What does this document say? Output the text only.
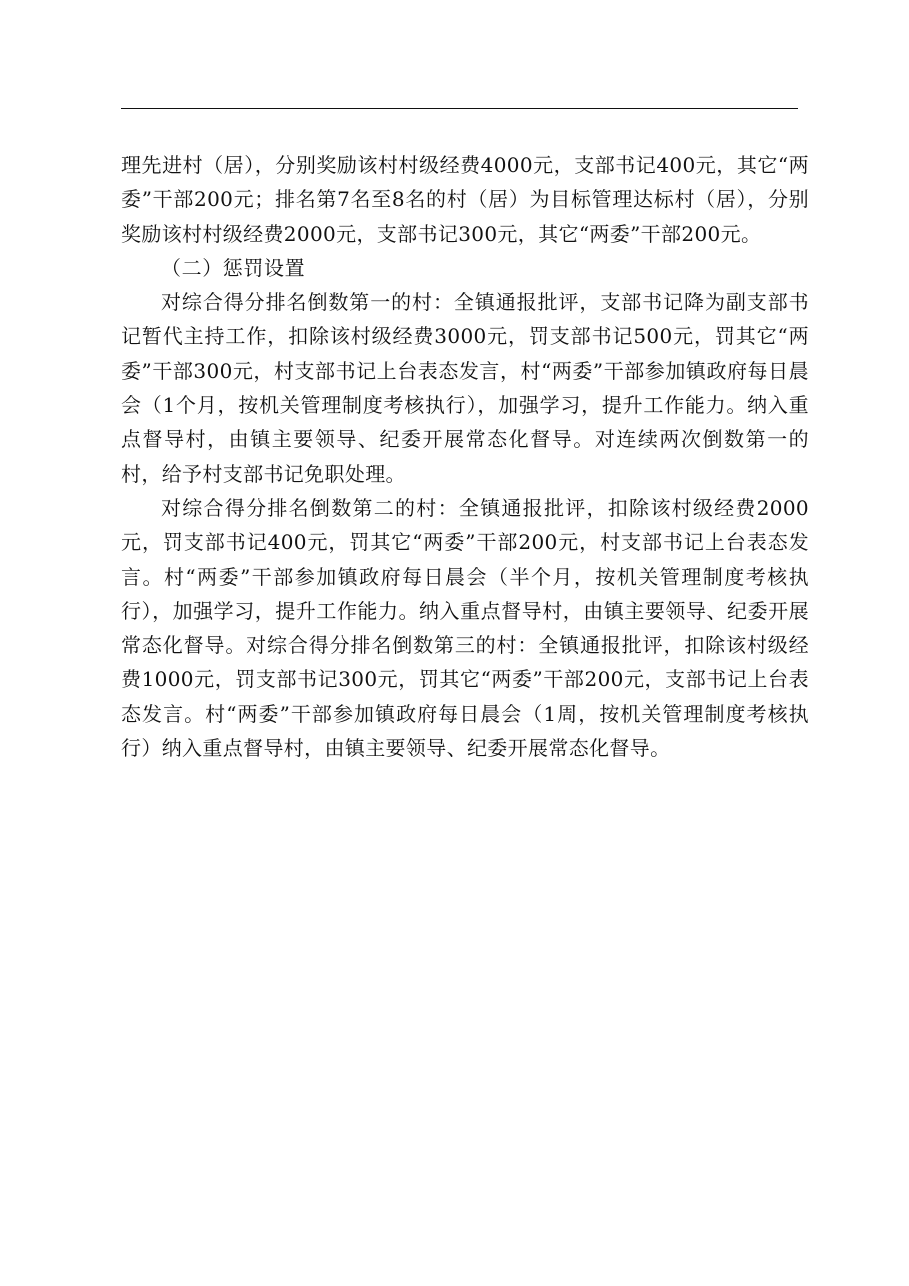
理先进村（居），分别奖励该村村级经费4000元，支部书记400元，其它“两委”干部200元；排名第7名至8名的村（居）为目标管理达标村（居），分别奖励该村村级经费2000元，支部书记300元，其它“两委”干部200元。

（二）惩罚设置

对综合得分排名倒数第一的村：全镇通报批评，支部书记降为副支部书记暂代主持工作，扣除该村级经费3000元，罚支部书记500元，罚其它“两委”干部300元，村支部书记上台表态发言，村“两委”干部参加镇政府每日晨会（1个月，按机关管理制度考核执行），加强学习，提升工作能力。纳入重点督导村，由镇主要领导、纪委开展常态化督导。对连续两次倒数第一的村，给予村支部书记免职处理。

对综合得分排名倒数第二的村：全镇通报批评，扣除该村级经费2000元，罚支部书记400元，罚其它“两委”干部200元，村支部书记上台表态发言。村“两委”干部参加镇政府每日晨会（半个月，按机关管理制度考核执行），加强学习，提升工作能力。纳入重点督导村，由镇主要领导、纪委开展常态化督导。对综合得分排名倒数第三的村：全镇通报批评，扣除该村级经费1000元，罚支部书记300元，罚其它“两委”干部200元，支部书记上台表态发言。村“两委”干部参加镇政府每日晨会（1周，按机关管理制度考核执行）纳入重点督导村，由镇主要领导、纪委开展常态化督导。
